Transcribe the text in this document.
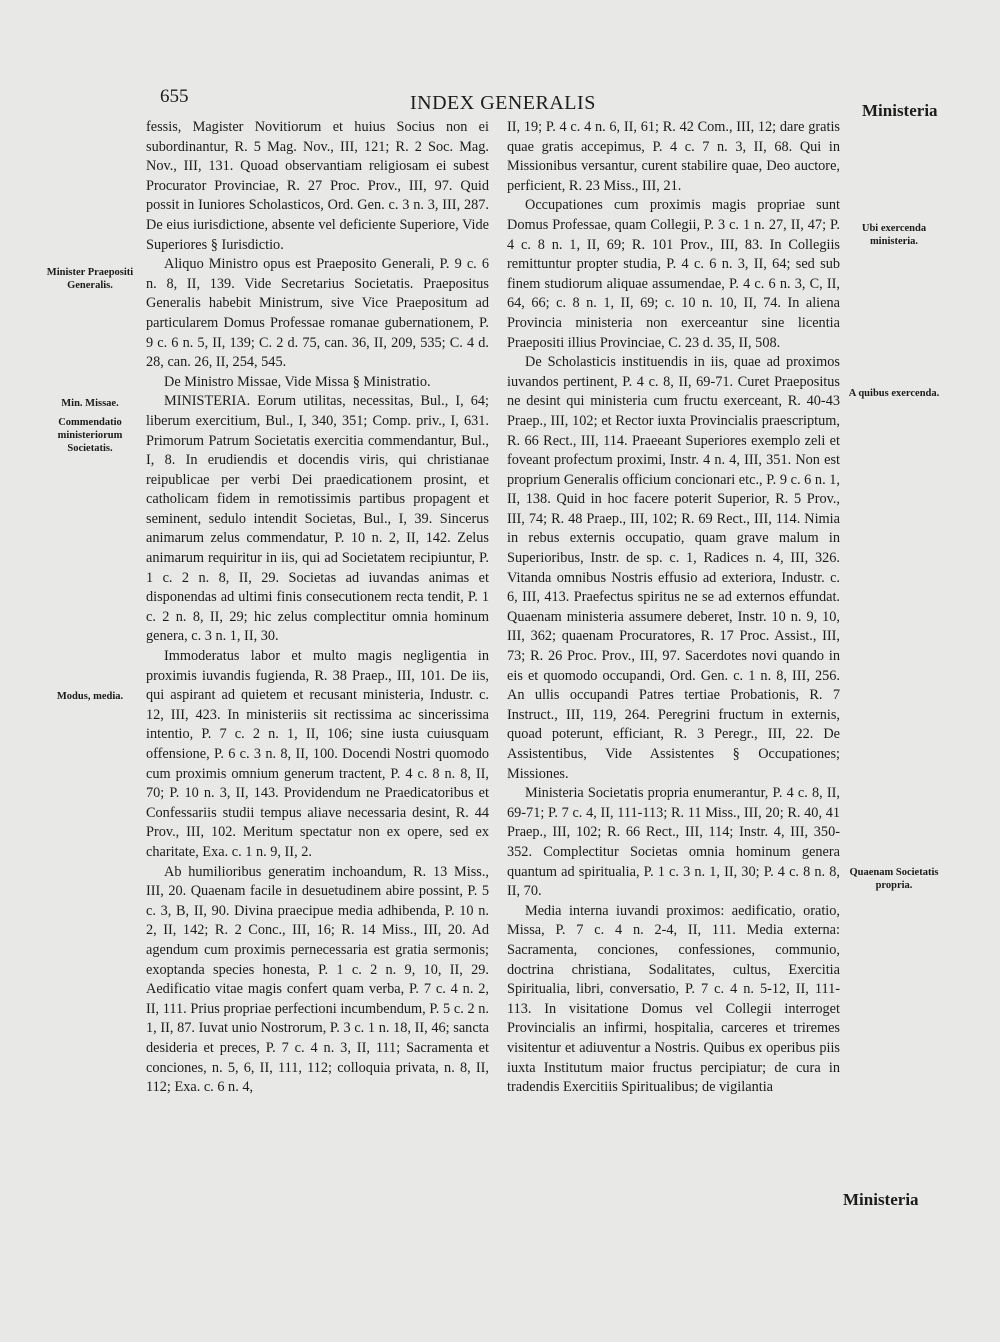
655	INDEX GENERALIS	Ministeria
Minister Praepositi Generalis.
Min. Missae.
Commendatio ministeriorum Societatis.
Modus, media.
Ubi exercenda ministeria.
A quibus exercenda.
Quaenam Societatis propria.

fessis, Magister Novitiorum et huius Socius non ei subordinantur, R. 5 Mag. Nov., III, 121; R. 2 Soc. Mag. Nov., III, 131. Quoad observantiam religiosam ei subest Procurator Provinciae, R. 27 Proc. Prov., III, 97. Quid possit in Iuniores Scholasticos, Ord. Gen. c. 3 n. 3, III, 287. De eius iurisdictione, absente vel deficiente Superiore, Vide Superiores § Iurisdictio.

Aliquo Ministro opus est Praeposito Generali, P. 9 c. 6 n. 8, II, 139. Vide Secretarius Societatis. Praepositus Generalis habebit Ministrum, sive Vice Praepositum ad particularem Domus Professae romanae gubernationem, P. 9 c. 6 n. 5, II, 139; C. 2 d. 75, can. 36, II, 209, 535; C. 4 d. 28, can. 26, II, 254, 545.

De Ministro Missae, Vide Missa § Ministratio.

MINISTERIA. Eorum utilitas, necessitas, Bul., I, 64; liberum exercitium, Bul., I, 340, 351; Comp. priv., I, 631. Primorum Patrum Societatis exercitia commendantur, Bul., I, 8. In erudiendis et docendis viris, qui christianae reipublicae per verbi Dei praedicationem prosint, et catholicam fidem in remotissimis partibus propagent et seminent, sedulo intendit Societas, Bul., I, 39. Sincerus animarum zelus commendatur, P. 10 n. 2, II, 142. Zelus animarum requiritur in iis, qui ad Societatem recipiuntur, P. 1 c. 2 n. 8, II, 29. Societas ad iuvandas animas et disponendas ad ultimi finis consecutionem recta tendit, P. 1 c. 2 n. 8, II, 29; hic zelus complectitur omnia hominum genera, c. 3 n. 1, II, 30.

Immoderatus labor et multo magis negligentia in proximis iuvandis fugienda, R. 38 Praep., III, 101. De iis, qui aspirant ad quietem et recusant ministeria, Industr. c. 12, III, 423. In ministeriis sit rectissima ac sincerissima intentio, P. 7 c. 2 n. 1, II, 106; sine iusta cuiusquam offensione, P. 6 c. 3 n. 8, II, 100. Docendi Nostri quomodo cum proximis omnium generum tractent, P. 4 c. 8 n. 8, II, 70; P. 10 n. 3, II, 143. Providendum ne Praedicatoribus et Confessariis studii tempus aliave necessaria desint, R. 44 Prov., III, 102. Meritum spectatur non ex opere, sed ex charitate, Exa. c. 1 n. 9, II, 2.

Ab humilioribus generatim inchoandum, R. 13 Miss., III, 20. Quaenam facile in desuetudinem abire possint, P. 5 c. 3, B, II, 90. Divina praecipue media adhibenda, P. 10 n. 2, II, 142; R. 2 Conc., III, 16; R. 14 Miss., III, 20. Ad agendum cum proximis pernecessaria est gratia sermonis; exoptanda species honesta, P. 1 c. 2 n. 9, 10, II, 29. Aedificatio vitae magis confert quam verba, P. 7 c. 4 n. 2, II, 111. Prius propriae perfectioni incumbendum, P. 5 c. 2 n. 1, II, 87. Iuvat unio Nostrorum, P. 3 c. 1 n. 18, II, 46; sancta desideria et preces, P. 7 c. 4 n. 3, II, 111; Sacramenta et conciones, n. 5, 6, II, 111, 112; colloquia privata, n. 8, II, 112; Exa. c. 6 n. 4,

II, 19; P. 4 c. 4 n. 6, II, 61; R. 42 Com., III, 12; dare gratis quae gratis accepimus, P. 4 c. 7 n. 3, II, 68. Qui in Missionibus versantur, curent stabilire quae, Deo auctore, perficient, R. 23 Miss., III, 21.

Occupationes cum proximis magis propriae sunt Domus Professae, quam Collegii, P. 3 c. 1 n. 27, II, 47; P. 4 c. 8 n. 1, II, 69; R. 101 Prov., III, 83. In Collegiis remittuntur propter studia, P. 4 c. 6 n. 3, II, 64; sed sub finem studiorum aliquae assumendae, P. 4 c. 6 n. 3, C, II, 64, 66; c. 8 n. 1, II, 69; c. 10 n. 10, II, 74. In aliena Provincia ministeria non exerceantur sine licentia Praepositi illius Provinciae, C. 23 d. 35, II, 508.

De Scholasticis instituendis in iis, quae ad proximos iuvandos pertinent, P. 4 c. 8, II, 69-71. Curet Praepositus ne desint qui ministeria cum fructu exerceant, R. 40-43 Praep., III, 102; et Rector iuxta Provincialis praescriptum, R. 66 Rect., III, 114. Praeeant Superiores exemplo zeli et foveant profectum proximi, Instr. 4 n. 4, III, 351. Non est proprium Generalis officium concionari etc., P. 9 c. 6 n. 1, II, 138. Quid in hoc facere poterit Superior, R. 5 Prov., III, 74; R. 48 Praep., III, 102; R. 69 Rect., III, 114. Nimia in rebus externis occupatio, quam grave malum in Superioribus, Instr. de sp. c. 1, Radices n. 4, III, 326. Vitanda omnibus Nostris effusio ad exteriora, Industr. c. 6, III, 413. Praefectus spiritus ne se ad externos effundat. Quaenam ministeria assumere deberet, Instr. 10 n. 9, 10, III, 362; quaenam Procuratores, R. 17 Proc. Assist., III, 73; R. 26 Proc. Prov., III, 97. Sacerdotes novi quando in eis et quomodo occupandi, Ord. Gen. c. 1 n. 8, III, 256. An ullis occupandi Patres tertiae Probationis, R. 7 Instruct., III, 119, 264. Peregrini fructum in externis, quoad poterunt, efficiant, R. 3 Peregr., III, 22. De Assistentibus, Vide Assistentes § Occupationes; Missiones.

Ministeria Societatis propria enumerantur, P. 4 c. 8, II, 69-71; P. 7 c. 4, II, 111-113; R. 11 Miss., III, 20; R. 40, 41 Praep., III, 102; R. 66 Rect., III, 114; Instr. 4, III, 350-352. Complectitur Societas omnia hominum genera quantum ad spiritualia, P. 1 c. 3 n. 1, II, 30; P. 4 c. 8 n. 8, II, 70.

Media interna iuvandi proximos: aedificatio, oratio, Missa, P. 7 c. 4 n. 2-4, II, 111. Media externa: Sacramenta, conciones, confessiones, communio, doctrina christiana, Sodalitates, cultus, Exercitia Spiritualia, libri, conversatio, P. 7 c. 4 n. 5-12, II, 111-113. In visitatione Domus vel Collegii interroget Provincialis an infirmi, hospitalia, carceres et triremes visitentur et adiuventur a Nostris. Quibus ex operibus piis iuxta Institutum maior fructus percipiatur; de cura in tradendis Exercitiis Spiritualibus; de vigilantia

Ministeria
